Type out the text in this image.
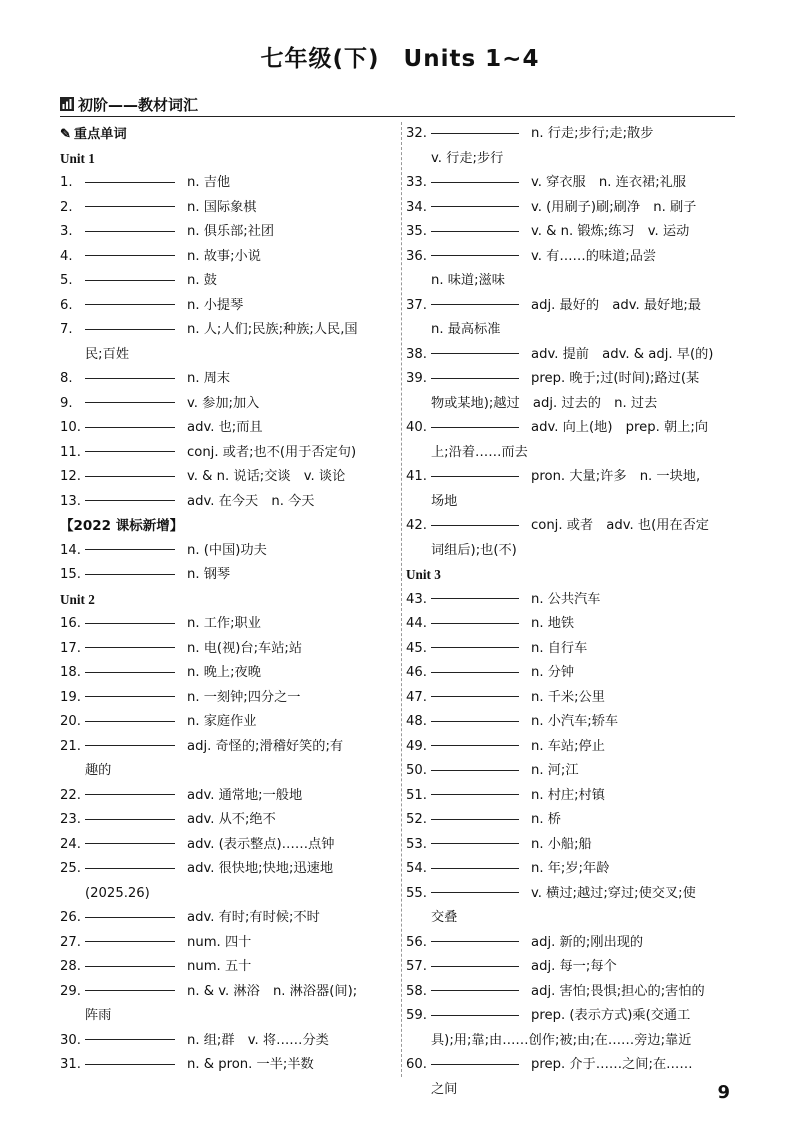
七年级(下)　Units 1~4
初阶——教材词汇
✎ 重点单词
Unit 1
1.	n. 吉他
2.	n. 国际象棋
3.	n. 俱乐部;社团
4.	n. 故事;小说
5.	n. 鼓
6.	n. 小提琴
7.	n. 人;人们;民族;种族;人民,国
民;百姓
8.	n. 周末
9.	v. 参加;加入
10.	adv. 也;而且
11.	conj. 或者;也不(用于否定句)
12.	v. & n. 说话;交谈　v. 谈论
13.	adv. 在今天　n. 今天
【2022 课标新增】
14.	n. (中国)功夫
15.	n. 钢琴
Unit 2
16.	n. 工作;职业
17.	n. 电(视)台;车站;站
18.	n. 晚上;夜晚
19.	n. 一刻钟;四分之一
20.	n. 家庭作业
21.	adj. 奇怪的;滑稽好笑的;有
趣的
22.	adv. 通常地;一般地
23.	adv. 从不;绝不
24.	adv. (表示整点)……点钟
25.	adv. 很快地;快地;迅速地
(2025.26)
26.	adv. 有时;有时候;不时
27.	num. 四十
28.	num. 五十
29.	n. & v. 淋浴　n. 淋浴器(间);
阵雨
30.	n. 组;群　v. 将……分类
31.	n. & pron. 一半;半数
32.	n. 行走;步行;走;散步
v. 行走;步行
33.	v. 穿衣服　n. 连衣裙;礼服
34.	v. (用刷子)刷;刷净　n. 刷子
35.	v. & n. 锻炼;练习　v. 运动
36.	v. 有……的味道;品尝
n. 味道;滋味
37.	adj. 最好的　adv. 最好地;最
n. 最高标准
38.	adv. 提前　adv. & adj. 早(的)
39.	prep. 晚于;过(时间);路过(某
物或某地);越过　adj. 过去的　n. 过去
40.	adv. 向上(地)　prep. 朝上;向
上;沿着……而去
41.	pron. 大量;许多　n. 一块地,
场地
42.	conj. 或者　adv. 也(用在否定
词组后);也(不)
Unit 3
43.	n. 公共汽车
44.	n. 地铁
45.	n. 自行车
46.	n. 分钟
47.	n. 千米;公里
48.	n. 小汽车;轿车
49.	n. 车站;停止
50.	n. 河;江
51.	n. 村庄;村镇
52.	n. 桥
53.	n. 小船;船
54.	n. 年;岁;年龄
55.	v. 横过;越过;穿过;使交叉;使
交叠
56.	adj. 新的;刚出现的
57.	adj. 每一;每个
58.	adj. 害怕;畏惧;担心的;害怕的
59.	prep. (表示方式)乘(交通工
具);用;靠;由……创作;被;由;在……旁边;靠近
60.	prep. 介于……之间;在……
之间	9
